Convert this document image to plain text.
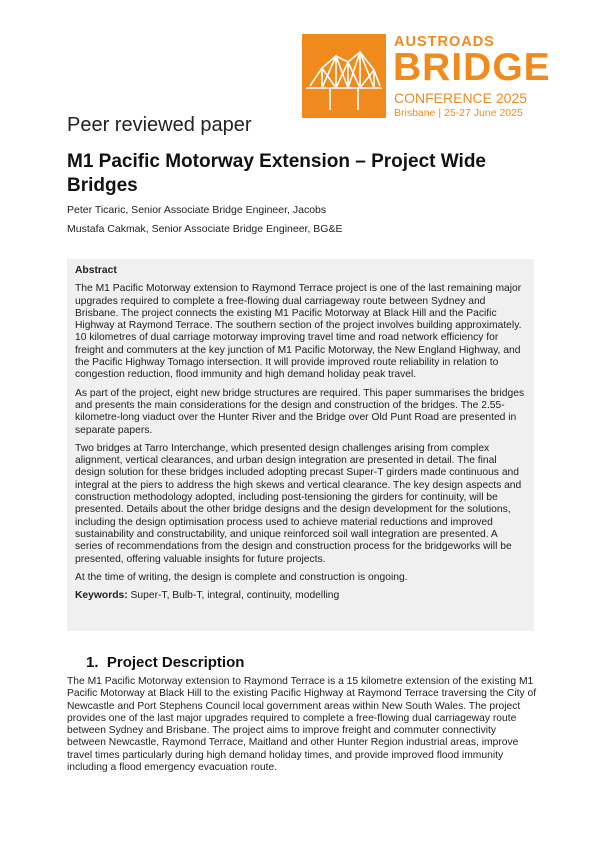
AUSTROADS
BRIDGE
CONFERENCE 2025
Brisbane | 25-27 June 2025
Peer reviewed paper
M1 Pacific Motorway Extension – Project Wide Bridges
Peter Ticaric, Senior Associate Bridge Engineer, Jacobs
Mustafa Cakmak, Senior Associate Bridge Engineer, BG&E

Abstract

The M1 Pacific Motorway extension to Raymond Terrace project is one of the last remaining major upgrades required to complete a free-flowing dual carriageway route between Sydney and Brisbane. The project connects the existing M1 Pacific Motorway at Black Hill and the Pacific Highway at Raymond Terrace. The southern section of the project involves building approximately. 10 kilometres of dual carriage motorway improving travel time and road network efficiency for freight and commuters at the key junction of M1 Pacific Motorway, the New England Highway, and the Pacific Highway Tomago intersection. It will provide improved route reliability in relation to congestion reduction, flood immunity and high demand holiday peak travel.

As part of the project, eight new bridge structures are required. This paper summarises the bridges and presents the main considerations for the design and construction of the bridges. The 2.55-kilometre-long viaduct over the Hunter River and the Bridge over Old Punt Road are presented in separate papers.

Two bridges at Tarro Interchange, which presented design challenges arising from complex alignment, vertical clearances, and urban design integration are presented in detail. The final design solution for these bridges included adopting precast Super-T girders made continuous and integral at the piers to address the high skews and vertical clearance. The key design aspects and construction methodology adopted, including post-tensioning the girders for continuity, will be presented. Details about the other bridge designs and the design development for the solutions, including the design optimisation process used to achieve material reductions and improved sustainability and constructability, and unique reinforced soil wall integration are presented. A series of recommendations from the design and construction process for the bridgeworks will be presented, offering valuable insights for future projects.

At the time of writing, the design is complete and construction is ongoing.

Keywords: Super-T, Bulb-T, integral, continuity, modelling

1. Project Description

The M1 Pacific Motorway extension to Raymond Terrace is a 15 kilometre extension of the existing M1 Pacific Motorway at Black Hill to the existing Pacific Highway at Raymond Terrace traversing the City of Newcastle and Port Stephens Council local government areas within New South Wales. The project provides one of the last major upgrades required to complete a free-flowing dual carriageway route between Sydney and Brisbane. The project aims to improve freight and commuter connectivity between Newcastle, Raymond Terrace, Maitland and other Hunter Region industrial areas, improve travel times particularly during high demand holiday times, and provide improved flood immunity including a flood emergency evacuation route.
